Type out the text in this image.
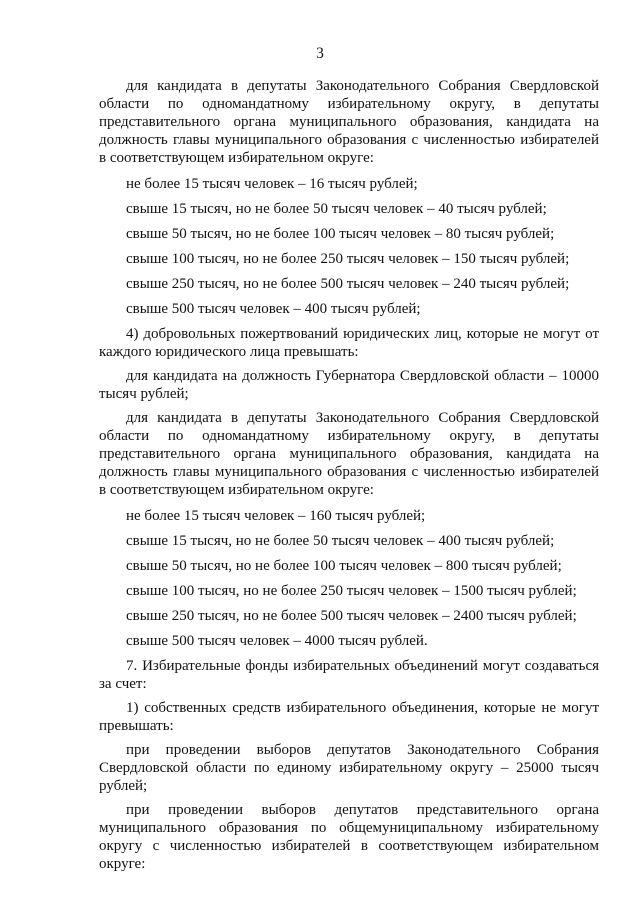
3

для кандидата в депутаты Законодательного Собрания Свердловской области по одномандатному избирательному округу, в депутаты представительного органа муниципального образования, кандидата на должность главы муниципального образования с численностью избирателей в соответствующем избирательном округе:

не более 15 тысяч человек – 16 тысяч рублей;
свыше 15 тысяч, но не более 50 тысяч человек – 40 тысяч рублей;
свыше 50 тысяч, но не более 100 тысяч человек – 80 тысяч рублей;
свыше 100 тысяч, но не более 250 тысяч человек – 150 тысяч рублей;
свыше 250 тысяч, но не более 500 тысяч человек – 240 тысяч рублей;
свыше 500 тысяч человек – 400 тысяч рублей;

4) добровольных пожертвований юридических лиц, которые не могут от каждого юридического лица превышать:

для кандидата на должность Губернатора Свердловской области – 10000 тысяч рублей;

для кандидата в депутаты Законодательного Собрания Свердловской области по одномандатному избирательному округу, в депутаты представительного органа муниципального образования, кандидата на должность главы муниципального образования с численностью избирателей в соответствующем избирательном округе:

не более 15 тысяч человек – 160 тысяч рублей;
свыше 15 тысяч, но не более 50 тысяч человек – 400 тысяч рублей;
свыше 50 тысяч, но не более 100 тысяч человек – 800 тысяч рублей;
свыше 100 тысяч, но не более 250 тысяч человек – 1500 тысяч рублей;
свыше 250 тысяч, но не более 500 тысяч человек – 2400 тысяч рублей;
свыше 500 тысяч человек – 4000 тысяч рублей.

7. Избирательные фонды избирательных объединений могут создаваться за счет:

1) собственных средств избирательного объединения, которые не могут превышать:

при проведении выборов депутатов Законодательного Собрания Свердловской области по единому избирательному округу – 25000 тысяч рублей;

при проведении выборов депутатов представительного органа муниципального образования по общемуниципальному избирательному округу с численностью избирателей в соответствующем избирательном округе:
